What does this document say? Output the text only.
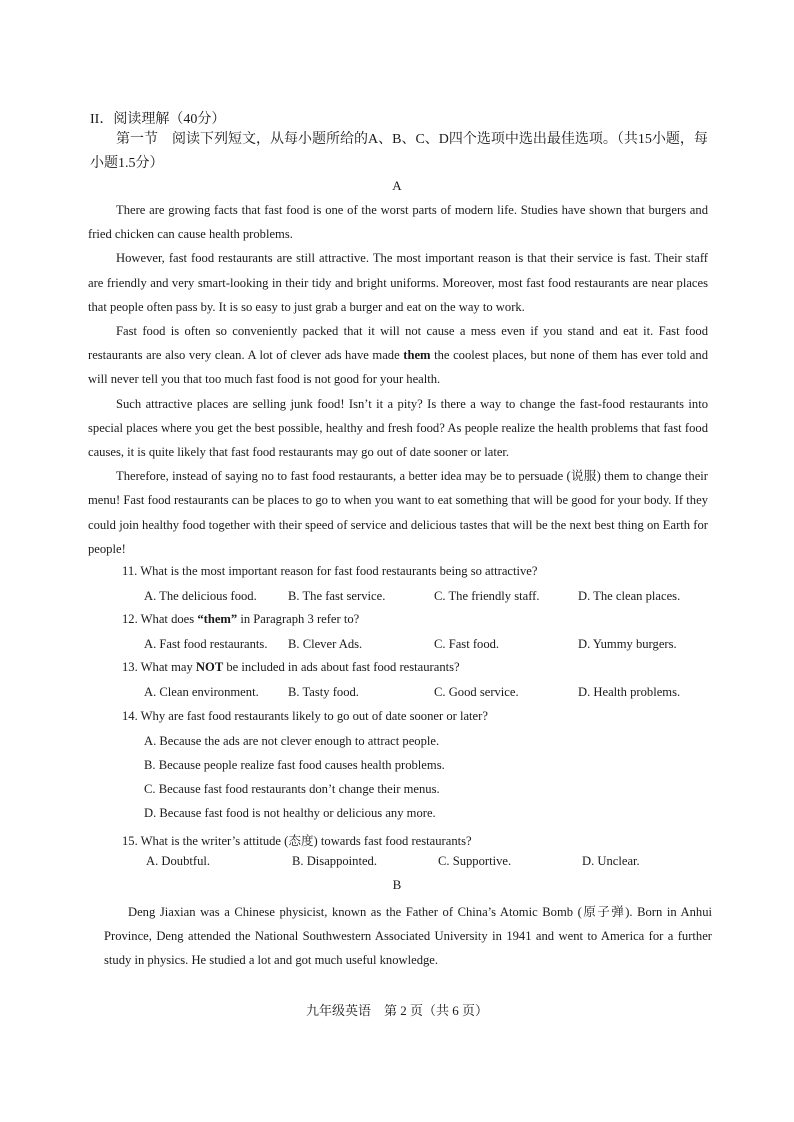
II．阅读理解（40分）
第一节　阅读下列短文，从每小题所给的A、B、C、D四个选项中选出最佳选项。（共15小题，每小题1.5分）
A

There are growing facts that fast food is one of the worst parts of modern life. Studies have shown that burgers and fried chicken can cause health problems.

However, fast food restaurants are still attractive. The most important reason is that their service is fast. Their staff are friendly and very smart-looking in their tidy and bright uniforms. Moreover, most fast food restaurants are near places that people often pass by. It is so easy to just grab a burger and eat on the way to work.

Fast food is often so conveniently packed that it will not cause a mess even if you stand and eat it. Fast food restaurants are also very clean. A lot of clever ads have made them the coolest places, but none of them has ever told and will never tell you that too much fast food is not good for your health.

Such attractive places are selling junk food! Isn’t it a pity? Is there a way to change the fast-food restaurants into special places where you get the best possible, healthy and fresh food? As people realize the health problems that fast food causes, it is quite likely that fast food restaurants may go out of date sooner or later.

Therefore, instead of saying no to fast food restaurants, a better idea may be to persuade (说服) them to change their menu! Fast food restaurants can be places to go to when you want to eat something that will be good for your body. If they could join healthy food together with their speed of service and delicious tastes that will be the next best thing on Earth for people!

11. What is the most important reason for fast food restaurants being so attractive?
A. The delicious food. B. The fast service.	C. The friendly staff.	D. The clean places.
12. What does “them” in Paragraph 3 refer to?
A. Fast food restaurants. B. Clever Ads.	C. Fast food.	D. Yummy burgers.
13. What may NOT be included in ads about fast food restaurants?
A. Clean environment. B. Tasty food.	C. Good service.	D. Health problems.
14. Why are fast food restaurants likely to go out of date sooner or later?
A. Because the ads are not clever enough to attract people.
B. Because people realize fast food causes health problems.
C. Because fast food restaurants don’t change their menus.
D. Because fast food is not healthy or delicious any more.
15. What is the writer’s attitude (态度) towards fast food restaurants?
A. Doubtful.	B. Disappointed.	C. Supportive.	D. Unclear.
B

Deng Jiaxian was a Chinese physicist, known as the Father of China’s Atomic Bomb (原子弹). Born in Anhui Province, Deng attended the National Southwestern Associated University in 1941 and went to America for a further study in physics. He studied a lot and got much useful knowledge.

九年级英语　第 2 页（共 6 页）
